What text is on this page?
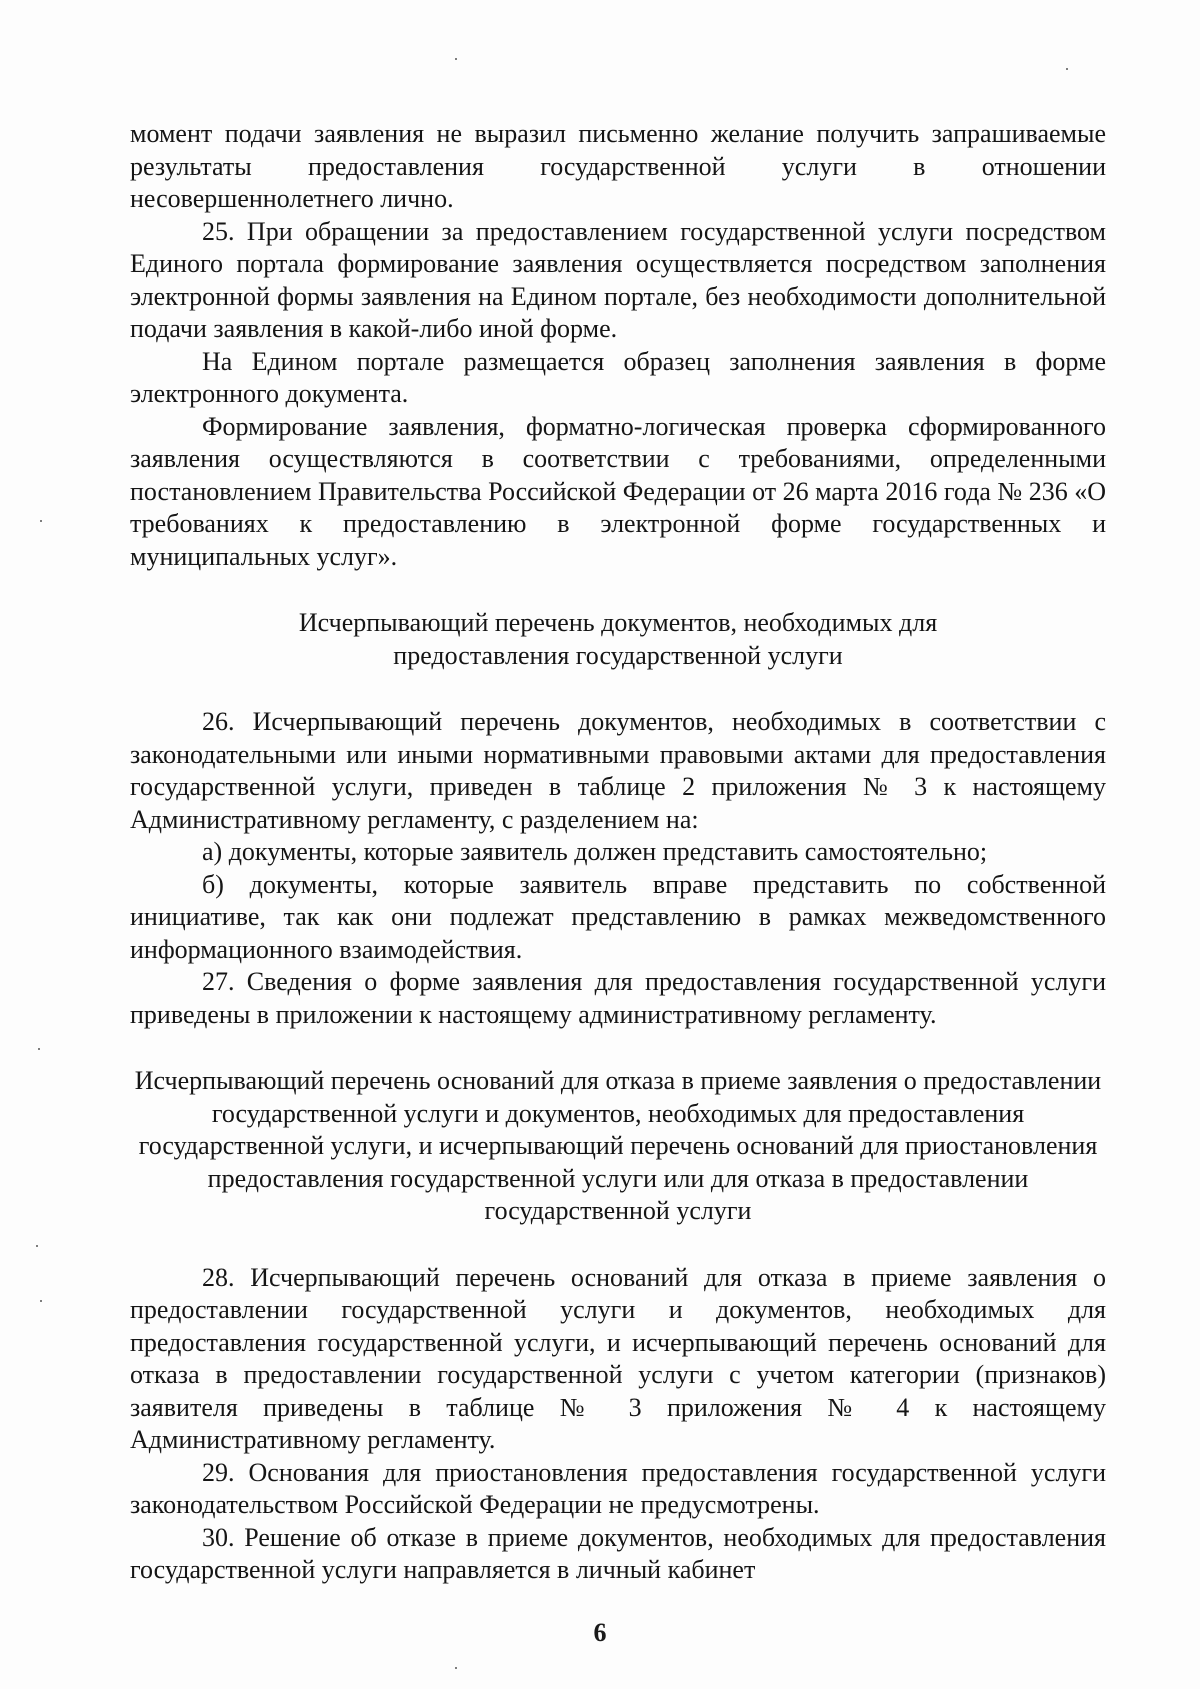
момент подачи заявления не выразил письменно желание получить запрашиваемые результаты предоставления государственной услуги в отношении несовершеннолетнего лично.

25. При обращении за предоставлением государственной услуги посредством Единого портала формирование заявления осуществляется посредством заполнения электронной формы заявления на Едином портале, без необходимости дополнительной подачи заявления в какой-либо иной форме.

На Едином портале размещается образец заполнения заявления в форме электронного документа.

Формирование заявления, форматно-логическая проверка сформированного заявления осуществляются в соответствии с требованиями, определенными постановлением Правительства Российской Федерации от 26 марта 2016 года № 236 «О требованиях к предоставлению в электронной форме государственных и муниципальных услуг».

Исчерпывающий перечень документов, необходимых для предоставления государственной услуги

26. Исчерпывающий перечень документов, необходимых в соответствии с законодательными или иными нормативными правовыми актами для предоставления государственной услуги, приведен в таблице 2 приложения № 3 к настоящему Административному регламенту, с разделением на:

а) документы, которые заявитель должен представить самостоятельно;

б) документы, которые заявитель вправе представить по собственной инициативе, так как они подлежат представлению в рамках межведомственного информационного взаимодействия.

27. Сведения о форме заявления для предоставления государственной услуги приведены в приложении к настоящему административному регламенту.

Исчерпывающий перечень оснований для отказа в приеме заявления о предоставлении государственной услуги и документов, необходимых для предоставления государственной услуги, и исчерпывающий перечень оснований для приостановления предоставления государственной услуги или для отказа в предоставлении государственной услуги

28. Исчерпывающий перечень оснований для отказа в приеме заявления о предоставлении государственной услуги и документов, необходимых для предоставления государственной услуги, и исчерпывающий перечень оснований для отказа в предоставлении государственной услуги с учетом категории (признаков) заявителя приведены в таблице № 3 приложения № 4 к настоящему Административному регламенту.

29. Основания для приостановления предоставления государственной услуги законодательством Российской Федерации не предусмотрены.

30. Решение об отказе в приеме документов, необходимых для предоставления государственной услуги направляется в личный кабинет

6
